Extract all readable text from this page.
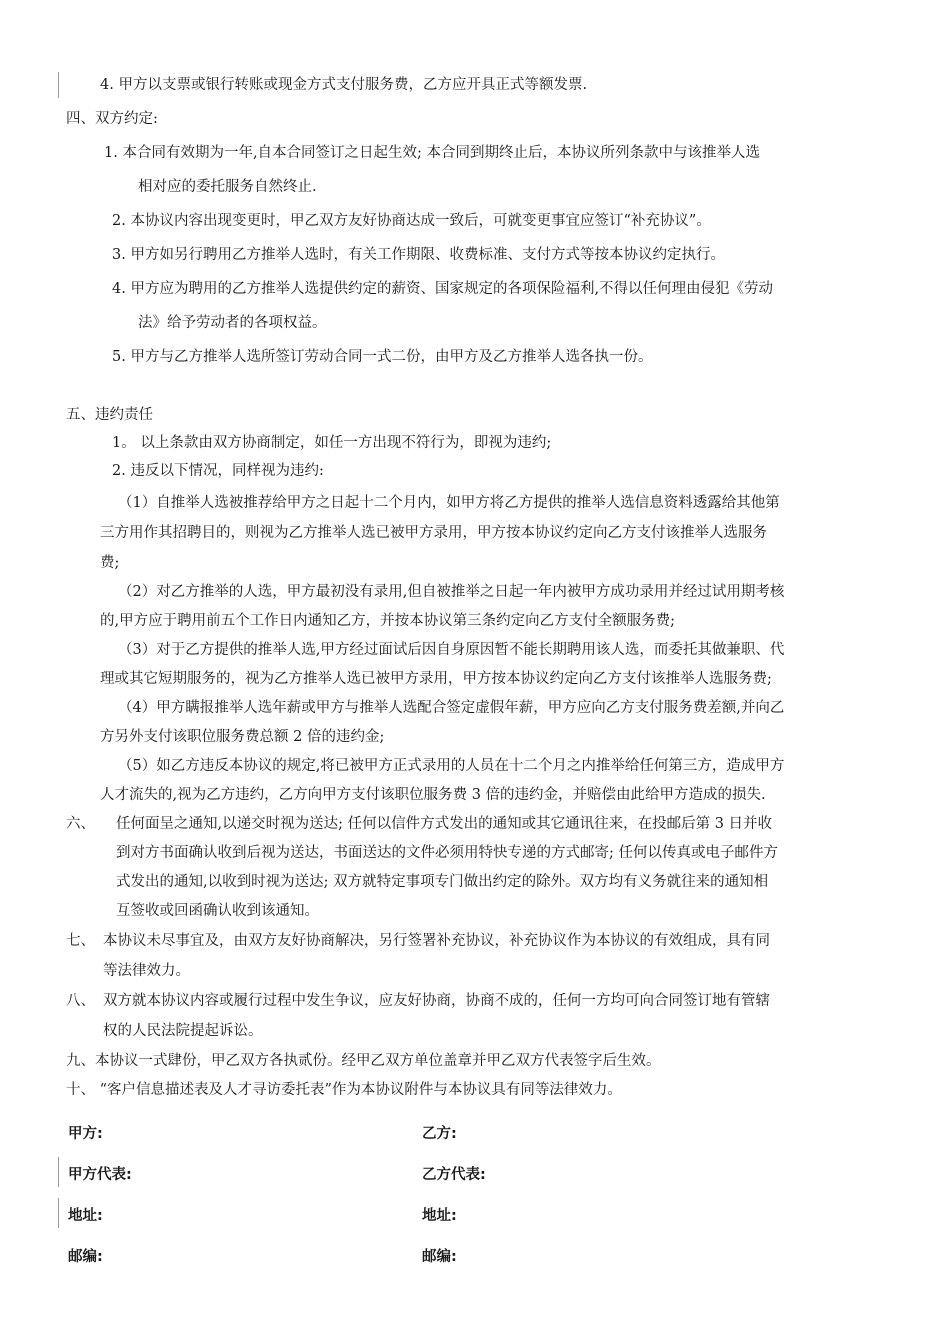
4. 甲方以支票或银行转账或现金方式支付服务费，乙方应开具正式等额发票.
四、双方约定:
1. 本合同有效期为一年,自本合同签订之日起生效; 本合同到期终止后，本协议所列条款中与该推举人选
相对应的委托服务自然终止.
2. 本协议内容出现变更时，甲乙双方友好协商达成一致后，可就变更事宜应签订“补充协议”。
3. 甲方如另行聘用乙方推举人选时，有关工作期限、收费标准、支付方式等按本协议约定执行。
4. 甲方应为聘用的乙方推举人选提供约定的薪资、国家规定的各项保险福利,不得以任何理由侵犯《劳动
法》给予劳动者的各项权益。
5. 甲方与乙方推举人选所签订劳动合同一式二份，由甲方及乙方推举人选各执一份。
五、违约责任
1。 以上条款由双方协商制定，如任一方出现不符行为，即视为违约;
2. 违反以下情况，同样视为违约:
（1）自推举人选被推荐给甲方之日起十二个月内，如甲方将乙方提供的推举人选信息资料透露给其他第
三方用作其招聘目的，则视为乙方推举人选已被甲方录用，甲方按本协议约定向乙方支付该推举人选服务
费;
（2）对乙方推举的人选，甲方最初没有录用,但自被推举之日起一年内被甲方成功录用并经过试用期考核
的,甲方应于聘用前五个工作日内通知乙方，并按本协议第三条约定向乙方支付全额服务费;
（3）对于乙方提供的推举人选,甲方经过面试后因自身原因暂不能长期聘用该人选，而委托其做兼职、代
理或其它短期服务的，视为乙方推举人选已被甲方录用，甲方按本协议约定向乙方支付该推举人选服务费;
（4）甲方瞒报推举人选年薪或甲方与推举人选配合签定虚假年薪，甲方应向乙方支付服务费差额,并向乙
方另外支付该职位服务费总额 2 倍的违约金;
（5）如乙方违反本协议的规定,将已被甲方正式录用的人员在十二个月之内推举给任何第三方，造成甲方
人才流失的,视为乙方违约，乙方向甲方支付该职位服务费 3 倍的违约金，并赔偿由此给甲方造成的损失.
六、	任何面呈之通知,以递交时视为送达; 任何以信件方式发出的通知或其它通讯往来，在投邮后第 3 日并收
到对方书面确认收到后视为送达，书面送达的文件必须用特快专递的方式邮寄; 任何以传真或电子邮件方
式发出的通知,以收到时视为送达; 双方就特定事项专门做出约定的除外。双方均有义务就往来的通知相
互签收或回函确认收到该通知。
七、 本协议未尽事宜及，由双方友好协商解决，另行签署补充协议，补充协议作为本协议的有效组成，具有同
等法律效力。
八、 双方就本协议内容或履行过程中发生争议，应友好协商，协商不成的，任何一方均可向合同签订地有管辖
权的人民法院提起诉讼。
九、本协议一式肆份，甲乙双方各执贰份。经甲乙双方单位盖章并甲乙双方代表签字后生效。
十、 “客户信息描述表及人才寻访委托表”作为本协议附件与本协议具有同等法律效力。
甲方:	乙方:
甲方代表:	乙方代表:
地址:	地址:
邮编:	邮编:
